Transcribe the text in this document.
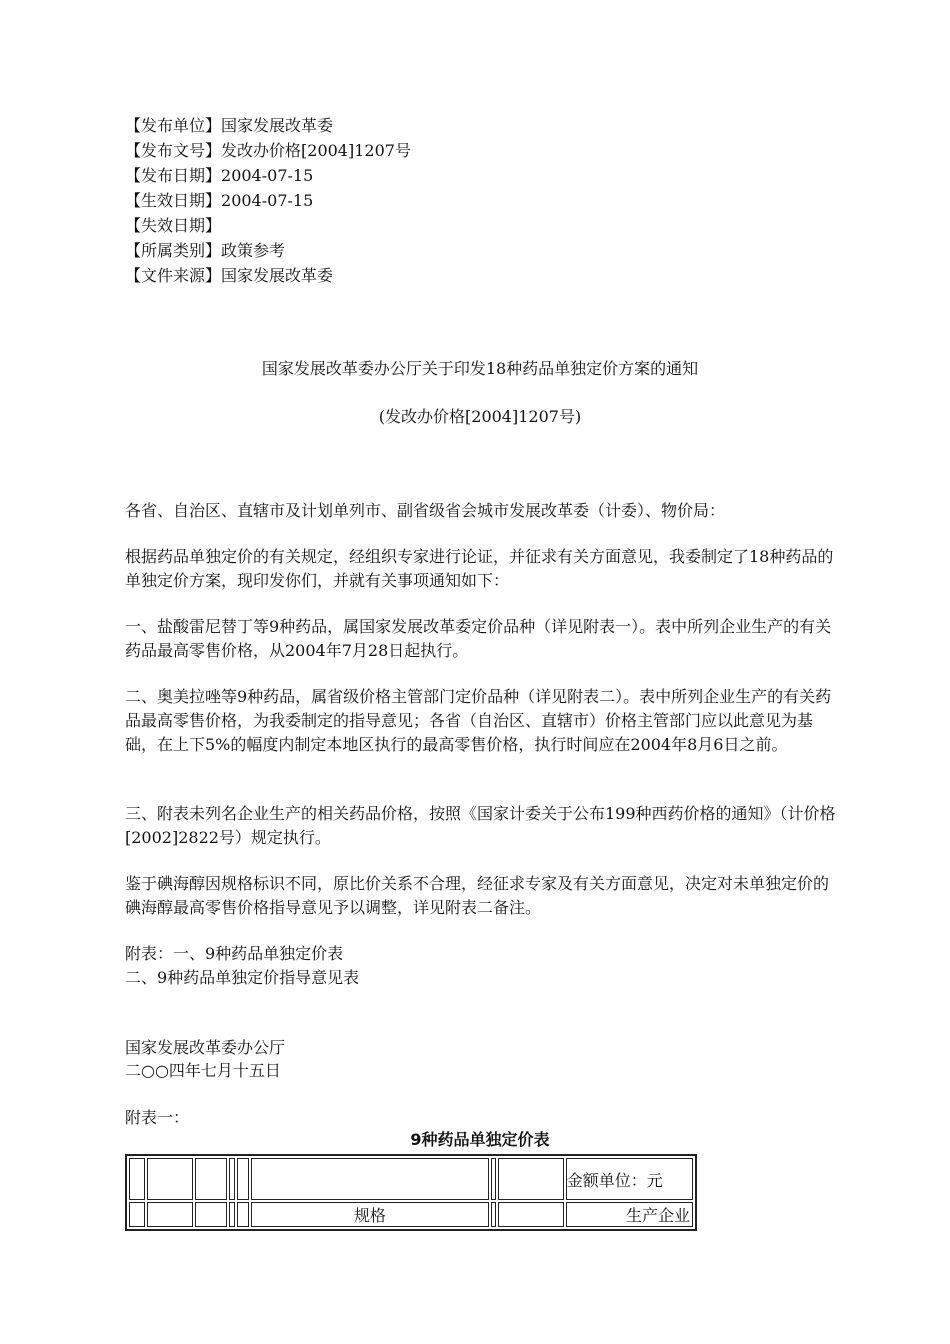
【发布单位】国家发展改革委
【发布文号】发改办价格[2004]1207号
【发布日期】2004-07-15
【生效日期】2004-07-15
【失效日期】
【所属类别】政策参考
【文件来源】国家发展改革委
国家发展改革委办公厅关于印发18种药品单独定价方案的通知
(发改办价格[2004]1207号)
各省、自治区、直辖市及计划单列市、副省级省会城市发展改革委（计委）、物价局：
根据药品单独定价的有关规定，经组织专家进行论证，并征求有关方面意见，我委制定了18种药品的单独定价方案，现印发你们，并就有关事项通知如下：
一、盐酸雷尼替丁等9种药品，属国家发展改革委定价品种（详见附表一）。表中所列企业生产的有关药品最高零售价格，从2004年7月28日起执行。
二、奥美拉唑等9种药品，属省级价格主管部门定价品种（详见附表二）。表中所列企业生产的有关药品最高零售价格，为我委制定的指导意见；各省（自治区、直辖市）价格主管部门应以此意见为基础，在上下5%的幅度内制定本地区执行的最高零售价格，执行时间应在2004年8月6日之前。
三、附表未列名企业生产的相关药品价格，按照《国家计委关于公布199种西药价格的通知》（计价格[2002]2822号）规定执行。
鉴于碘海醇因规格标识不同，原比价关系不合理，经征求专家及有关方面意见，决定对未单独定价的碘海醇最高零售价格指导意见予以调整，详见附表二备注。
附表：一、9种药品单独定价表
二、9种药品单独定价指导意见表
国家发展改革委办公厅
二○○四年七月十五日
附表一：
9种药品单独定价表
								金额单位：元
					规格			生产企业
